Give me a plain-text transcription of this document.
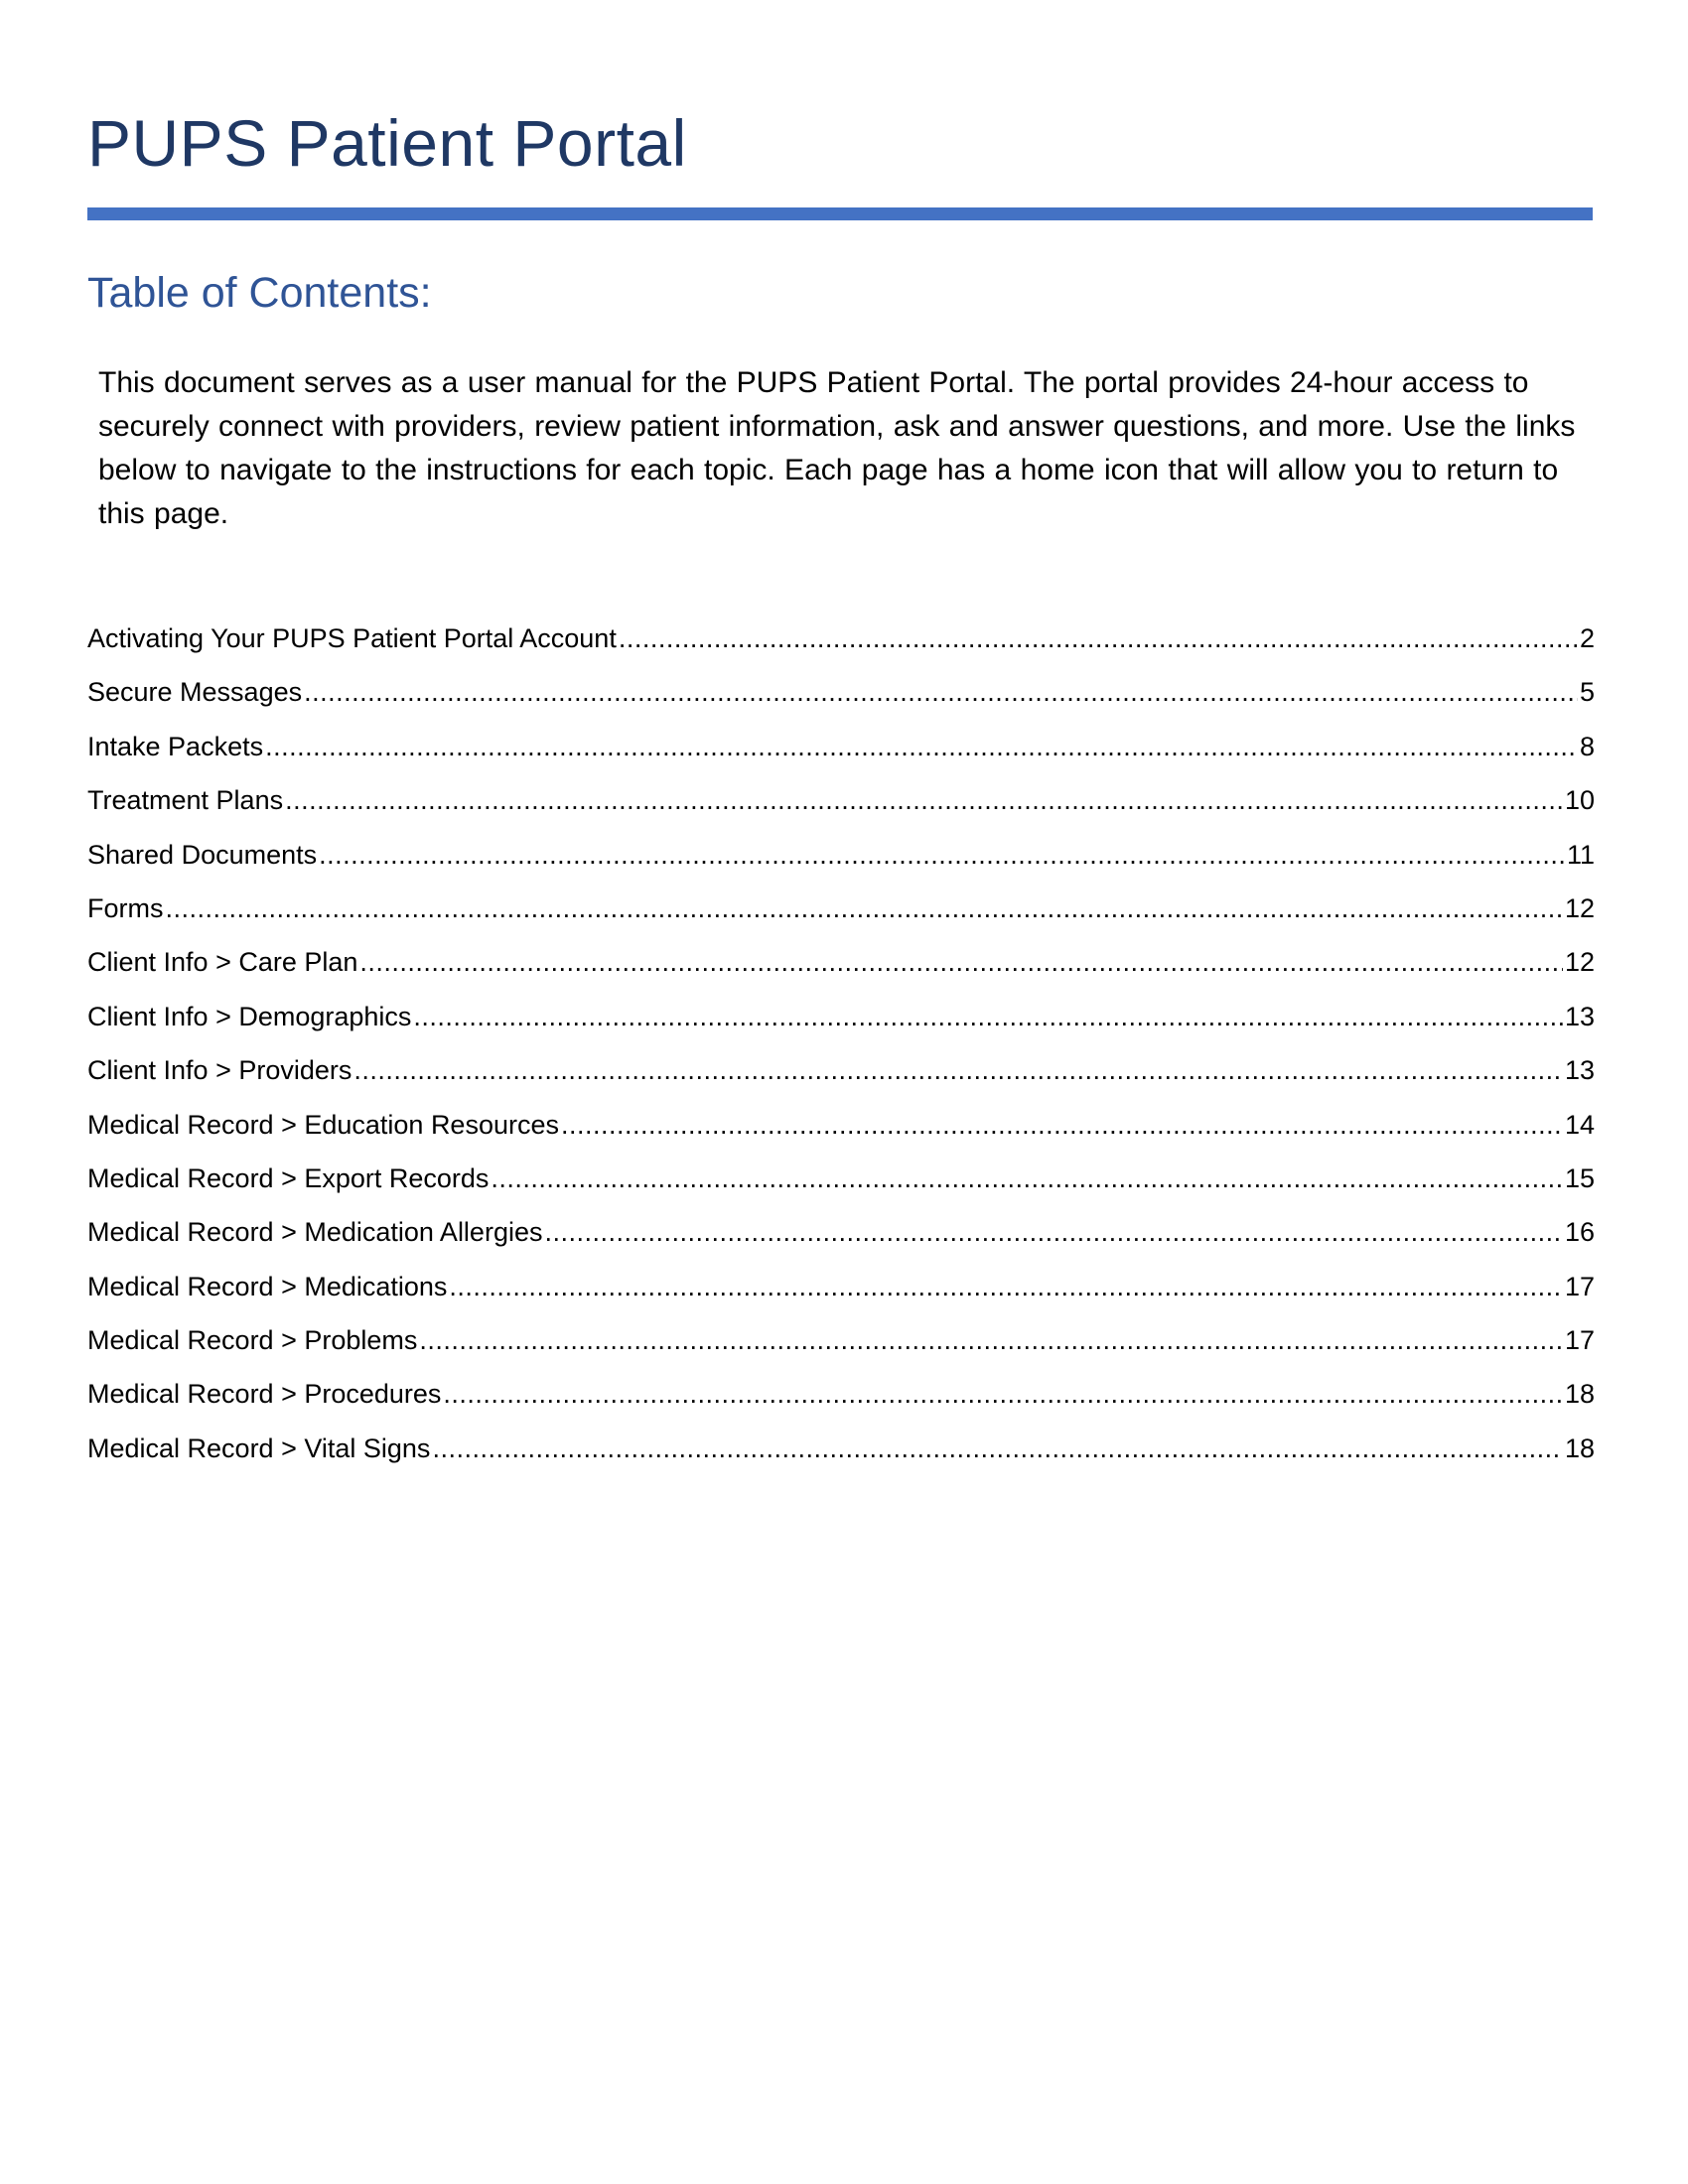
PUPS Patient Portal
Table of Contents:

This document serves as a user manual for the PUPS Patient Portal. The portal provides 24-hour access to securely connect with providers, review patient information, ask and answer questions, and more. Use the links below to navigate to the instructions for each topic. Each page has a home icon that will allow you to return to this page.

Activating Your PUPS Patient Portal Account .....	2
Secure Messages .....	5
Intake Packets .....	8
Treatment Plans .....	10
Shared Documents .....	11
Forms .....	12
Client Info > Care Plan .....	12
Client Info > Demographics .....	13
Client Info > Providers .....	13
Medical Record > Education Resources .....	14
Medical Record > Export Records .....	15
Medical Record > Medication Allergies .....	16
Medical Record > Medications .....	17
Medical Record > Problems .....	17
Medical Record > Procedures .....	18
Medical Record > Vital Signs .....	18
